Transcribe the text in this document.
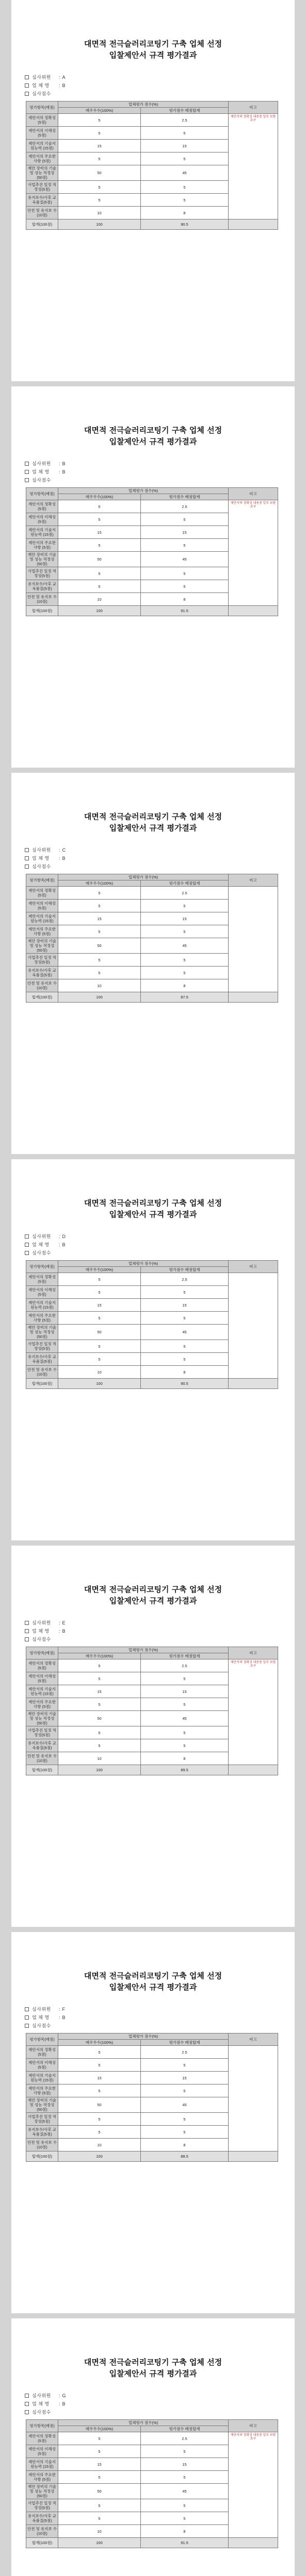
대면적 전극슬러리코팅기 구축 업체 선정
입찰제안서 규격 평가결과
심사위원	: A
업 체 명	: B
심사점수
평가항목(배점)	업체평가 점수(%)		비고
	매우우수(100%)	평가점수 배점합계	
제안서의 정확성(5점)	5	2.5	제안서의 정확성 내용중 일부 보완 요구
제안서의 이해성(5점)	5	5	
제안서의 기술지원능력 (15점)	15	15	
제안서의 주요한 사항 (5점)	5	5	
제안 장비의 기술 및 성능 적정성(50점)	50	45	
사업추진 일정 적정성(5점)	5	5	
유지보수/사후 교육품질(5점)	5	5	
안전 및 유지보 수(10점)	10	8	
합계(100점)	100	90.5	
대면적 전극슬러리코팅기 구축 업체 선정
입찰제안서 규격 평가결과
심사위원	: B
업 체 명	: B
심사점수
평가항목(배점)	업체평가 점수(%)		비고
	매우우수(100%)	평가점수 배점합계	
제안서의 정확성(5점)	5	2.5	제안서의 정확성 내용중 일부 보완 요구
제안서의 이해성(5점)	5	5	
제안서의 기술지원능력 (15점)	15	15	
제안서의 주요한 사항 (5점)	5	5	
제안 장비의 기술 및 성능 적정성(50점)	50	45	
사업추진 일정 적정성(5점)	5	5	
유지보수/사후 교육품질(5점)	5	5	
안전 및 유지보 수(10점)	10	8	
합계(100점)	100	91.5	
대면적 전극슬러리코팅기 구축 업체 선정
입찰제안서 규격 평가결과
심사위원	: C
업 체 명	: B
심사점수
평가항목(배점)	업체평가 점수(%)		비고
	매우우수(100%)	평가점수 배점합계	
제안서의 정확성(5점)	5	2.5	
제안서의 이해성(5점)	5	5	
제안서의 기술지원능력 (15점)	15	15	
제안서의 주요한 사항 (5점)	5	5	
제안 장비의 기술 및 성능 적정성(50점)	50	45	
사업추진 일정 적정성(5점)	5	5	
유지보수/사후 교육품질(5점)	5	5	
안전 및 유지보 수(10점)	10	8	
합계(100점)	100	87.5	
대면적 전극슬러리코팅기 구축 업체 선정
입찰제안서 규격 평가결과
심사위원	: D
업 체 명	: B
심사점수
평가항목(배점)	업체평가 점수(%)		비고
	매우우수(100%)	평가점수 배점합계	
제안서의 정확성(5점)	5	2.5	
제안서의 이해성(5점)	5	5	
제안서의 기술지원능력 (15점)	15	15	
제안서의 주요한 사항 (5점)	5	5	
제안 장비의 기술 및 성능 적정성(50점)	50	45	
사업추진 일정 적정성(5점)	5	5	
유지보수/사후 교육품질(5점)	5	5	
안전 및 유지보 수(10점)	10	8	
합계(100점)	100	90.5	
대면적 전극슬러리코팅기 구축 업체 선정
입찰제안서 규격 평가결과
심사위원	: E
업 체 명	: B
심사점수
평가항목(배점)	업체평가 점수(%)		비고
	매우우수(100%)	평가점수 배점합계	
제안서의 정확성(5점)	5	2.5	제안서의 정확성 내용중 일부 보완 요구
제안서의 이해성(5점)	5	5	
제안서의 기술지원능력 (15점)	15	15	
제안서의 주요한 사항 (5점)	5	5	
제안 장비의 기술 및 성능 적정성(50점)	50	45	
사업추진 일정 적정성(5점)	5	5	
유지보수/사후 교육품질(5점)	5	5	
안전 및 유지보 수(10점)	10	8	
합계(100점)	100	89.5	
대면적 전극슬러리코팅기 구축 업체 선정
입찰제안서 규격 평가결과
심사위원	: F
업 체 명	: B
심사점수
평가항목(배점)	업체평가 점수(%)		비고
	매우우수(100%)	평가점수 배점합계	
제안서의 정확성(5점)	5	2.5	
제안서의 이해성(5점)	5	5	
제안서의 기술지원능력 (15점)	15	15	
제안서의 주요한 사항 (5점)	5	5	
제안 장비의 기술 및 성능 적정성(50점)	50	45	
사업추진 일정 적정성(5점)	5	5	
유지보수/사후 교육품질(5점)	5	5	
안전 및 유지보 수(10점)	10	8	
합계(100점)	100	88.5	
대면적 전극슬러리코팅기 구축 업체 선정
입찰제안서 규격 평가결과
심사위원	: G
업 체 명	: B
심사점수
평가항목(배점)	업체평가 점수(%)		비고
	매우우수(100%)	평가점수 배점합계	
제안서의 정확성(5점)	5	2.5	제안서의 정확성 내용중 일부 보완 요구
제안서의 이해성(5점)	5	5	
제안서의 기술지원능력 (15점)	15	15	
제안서의 주요한 사항 (5점)	5	5	
제안 장비의 기술 및 성능 적정성(50점)	50	45	
사업추진 일정 적정성(5점)	5	5	
유지보수/사후 교육품질(5점)	5	5	
안전 및 유지보 수(10점)	10	8	
합계(100점)	100	91.5	
